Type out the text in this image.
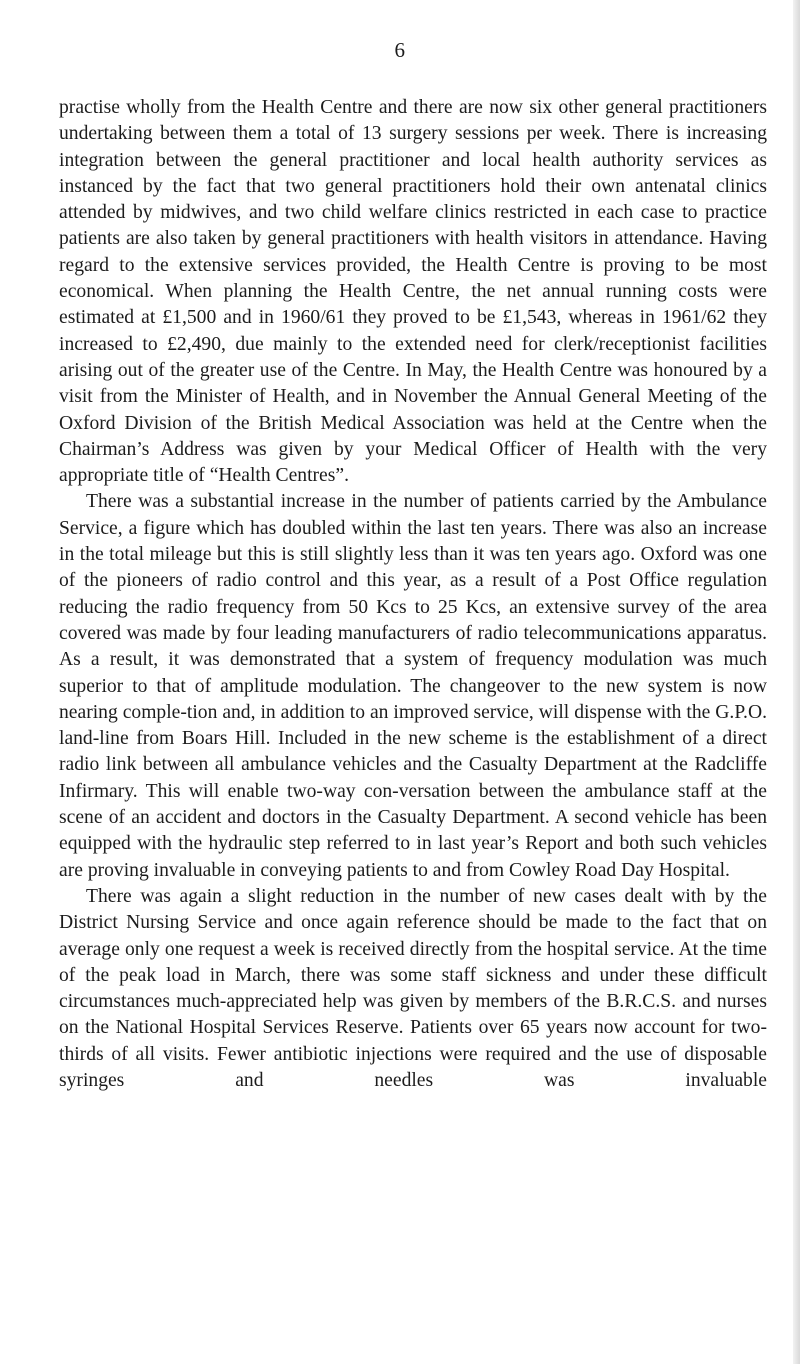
6

practise wholly from the Health Centre and there are now six other general practitioners undertaking between them a total of 13 surgery sessions per week. There is increasing integration between the general practitioner and local health authority services as instanced by the fact that two general practitioners hold their own antenatal clinics attended by midwives, and two child welfare clinics restricted in each case to practice patients are also taken by general practitioners with health visitors in attendance. Having regard to the extensive services provided, the Health Centre is proving to be most economical. When planning the Health Centre, the net annual running costs were estimated at £1,500 and in 1960/61 they proved to be £1,543, whereas in 1961/62 they increased to £2,490, due mainly to the extended need for clerk/receptionist facilities arising out of the greater use of the Centre. In May, the Health Centre was honoured by a visit from the Minister of Health, and in November the Annual General Meeting of the Oxford Division of the British Medical Association was held at the Centre when the Chairman’s Address was given by your Medical Officer of Health with the very appropriate title of “Health Centres”.

There was a substantial increase in the number of patients carried by the Ambulance Service, a figure which has doubled within the last ten years. There was also an increase in the total mileage but this is still slightly less than it was ten years ago. Oxford was one of the pioneers of radio control and this year, as a result of a Post Office regulation reducing the radio frequency from 50 Kcs to 25 Kcs, an extensive survey of the area covered was made by four leading manufacturers of radio telecommunications apparatus. As a result, it was demonstrated that a system of frequency modulation was much superior to that of amplitude modulation. The changeover to the new system is now nearing comple-tion and, in addition to an improved service, will dispense with the G.P.O. land-line from Boars Hill. Included in the new scheme is the establishment of a direct radio link between all ambulance vehicles and the Casualty Department at the Radcliffe Infirmary. This will enable two-way con-versation between the ambulance staff at the scene of an accident and doctors in the Casualty Department. A second vehicle has been equipped with the hydraulic step referred to in last year’s Report and both such vehicles are proving invaluable in conveying patients to and from Cowley Road Day Hospital.

There was again a slight reduction in the number of new cases dealt with by the District Nursing Service and once again reference should be made to the fact that on average only one request a week is received directly from the hospital service. At the time of the peak load in March, there was some staff sickness and under these difficult circumstances much-appreciated help was given by members of the B.R.C.S. and nurses on the National Hospital Services Reserve. Patients over 65 years now account for two-thirds of all visits. Fewer antibiotic injections were required and the use of disposable syringes and needles was invaluable
